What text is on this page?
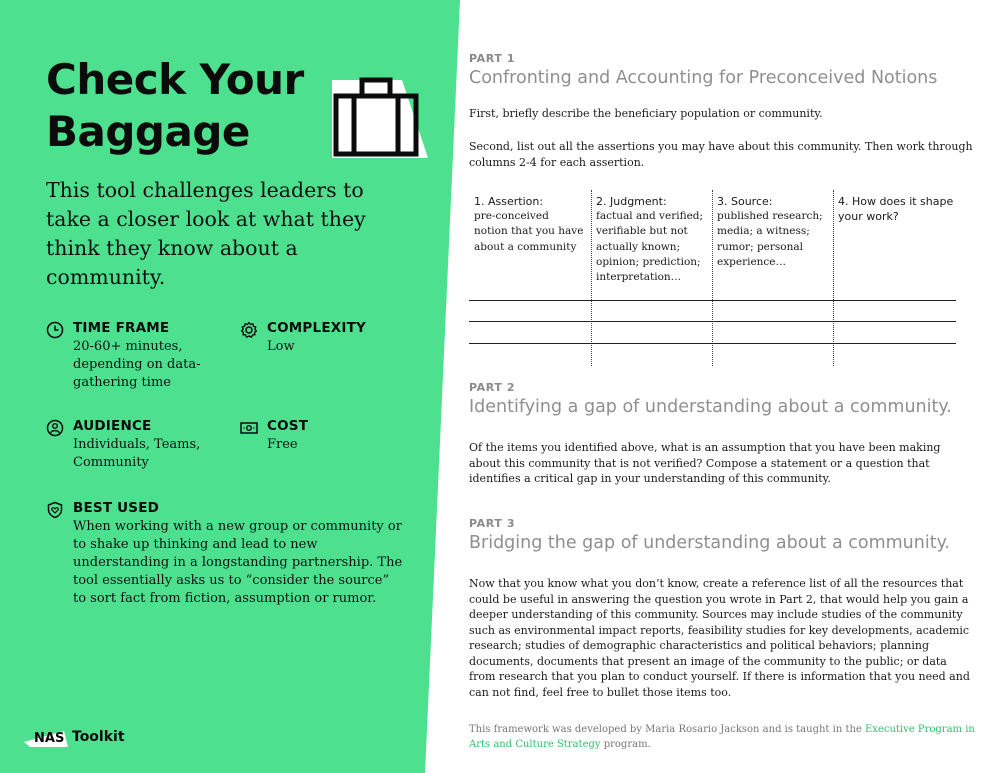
Check Your Baggage
This tool challenges leaders to take a closer look at what they think they know about a community.
TIME FRAME
20-60+ minutes, depending on data-gathering time
COMPLEXITY
Low
AUDIENCE
Individuals, Teams, Community
COST
Free
BEST USED
When working with a new group or community or to shake up thinking and lead to new understanding in a longstanding partnership. The tool essentially asks us to “consider the source” to sort fact from fiction, assumption or rumor.
NAS Toolkit
PART 1
Confronting and Accounting for Preconceived Notions
First, briefly describe the beneficiary population or community.
Second, list out all the assertions you may have about this community. Then work through columns 2-4 for each assertion.
1. Assertion:
pre-conceived notion that you have about a community
2. Judgment:
factual and verified; verifiable but not actually known; opinion; prediction; interpretation…
3. Source:
published research; media; a witness; rumor; personal experience…
4. How does it shape your work?
PART 2
Identifying a gap of understanding about a community.
Of the items you identified above, what is an assumption that you have been making about this community that is not verified? Compose a statement or a question that identifies a critical gap in your understanding of this community.
PART 3
Bridging the gap of understanding about a community.
Now that you know what you don’t know, create a reference list of all the resources that could be useful in answering the question you wrote in Part 2, that would help you gain a deeper understanding of this community. Sources may include studies of the community such as environmental impact reports, feasibility studies for key developments, academic research; studies of demographic characteristics and political behaviors; planning documents, documents that present an image of the community to the public; or data from research that you plan to conduct yourself. If there is information that you need and can not find, feel free to bullet those items too.
This framework was developed by Maria Rosario Jackson and is taught in the Executive Program in Arts and Culture Strategy program.
